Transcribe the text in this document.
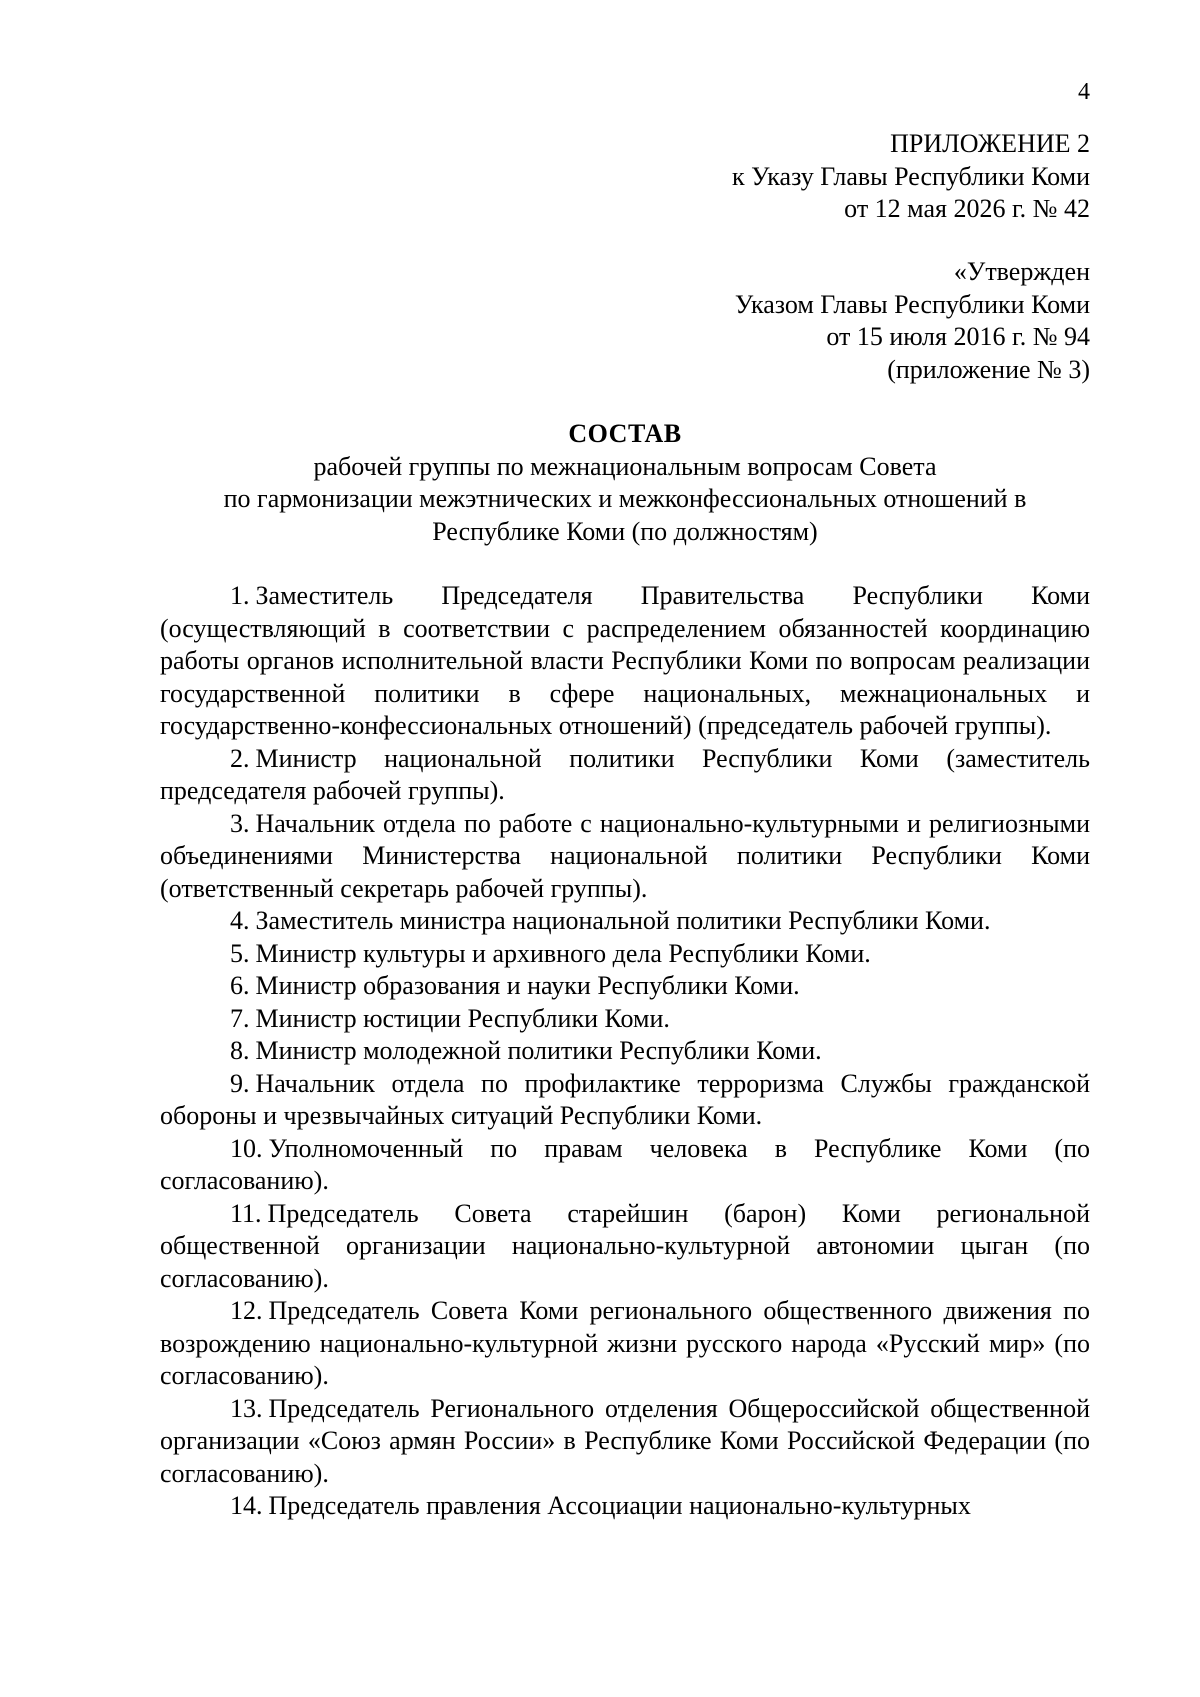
4
ПРИЛОЖЕНИЕ 2
к Указу Главы Республики Коми
от 12 мая 2026 г. № 42
«Утвержден
Указом Главы Республики Коми
от 15 июля 2016 г. № 94
(приложение № 3)
СОСТАВ
рабочей группы по межнациональным вопросам Совета
по гармонизации межэтнических и межконфессиональных отношений в
Республике Коми (по должностям)

1. Заместитель Председателя Правительства Республики Коми (осуществляющий в соответствии с распределением обязанностей координацию работы органов исполнительной власти Республики Коми по вопросам реализации государственной политики в сфере национальных, межнациональных и государственно-конфессиональных отношений) (председатель рабочей группы).

2. Министр национальной политики Республики Коми (заместитель председателя рабочей группы).

3. Начальник отдела по работе с национально-культурными и религиозными объединениями Министерства национальной политики Республики Коми (ответственный секретарь рабочей группы).

4. Заместитель министра национальной политики Республики Коми.

5. Министр культуры и архивного дела Республики Коми.

6. Министр образования и науки Республики Коми.

7. Министр юстиции Республики Коми.

8. Министр молодежной политики Республики Коми.

9. Начальник отдела по профилактике терроризма Службы гражданской обороны и чрезвычайных ситуаций Республики Коми.

10. Уполномоченный по правам человека в Республике Коми (по согласованию).

11. Председатель Совета старейшин (барон) Коми региональной общественной организации национально-культурной автономии цыган (по согласованию).

12. Председатель Совета Коми регионального общественного движения по возрождению национально-культурной жизни русского народа «Русский мир» (по согласованию).

13. Председатель Регионального отделения Общероссийской общественной организации «Союз армян России» в Республике Коми Российской Федерации (по согласованию).

14. Председатель правления Ассоциации национально-культурных
